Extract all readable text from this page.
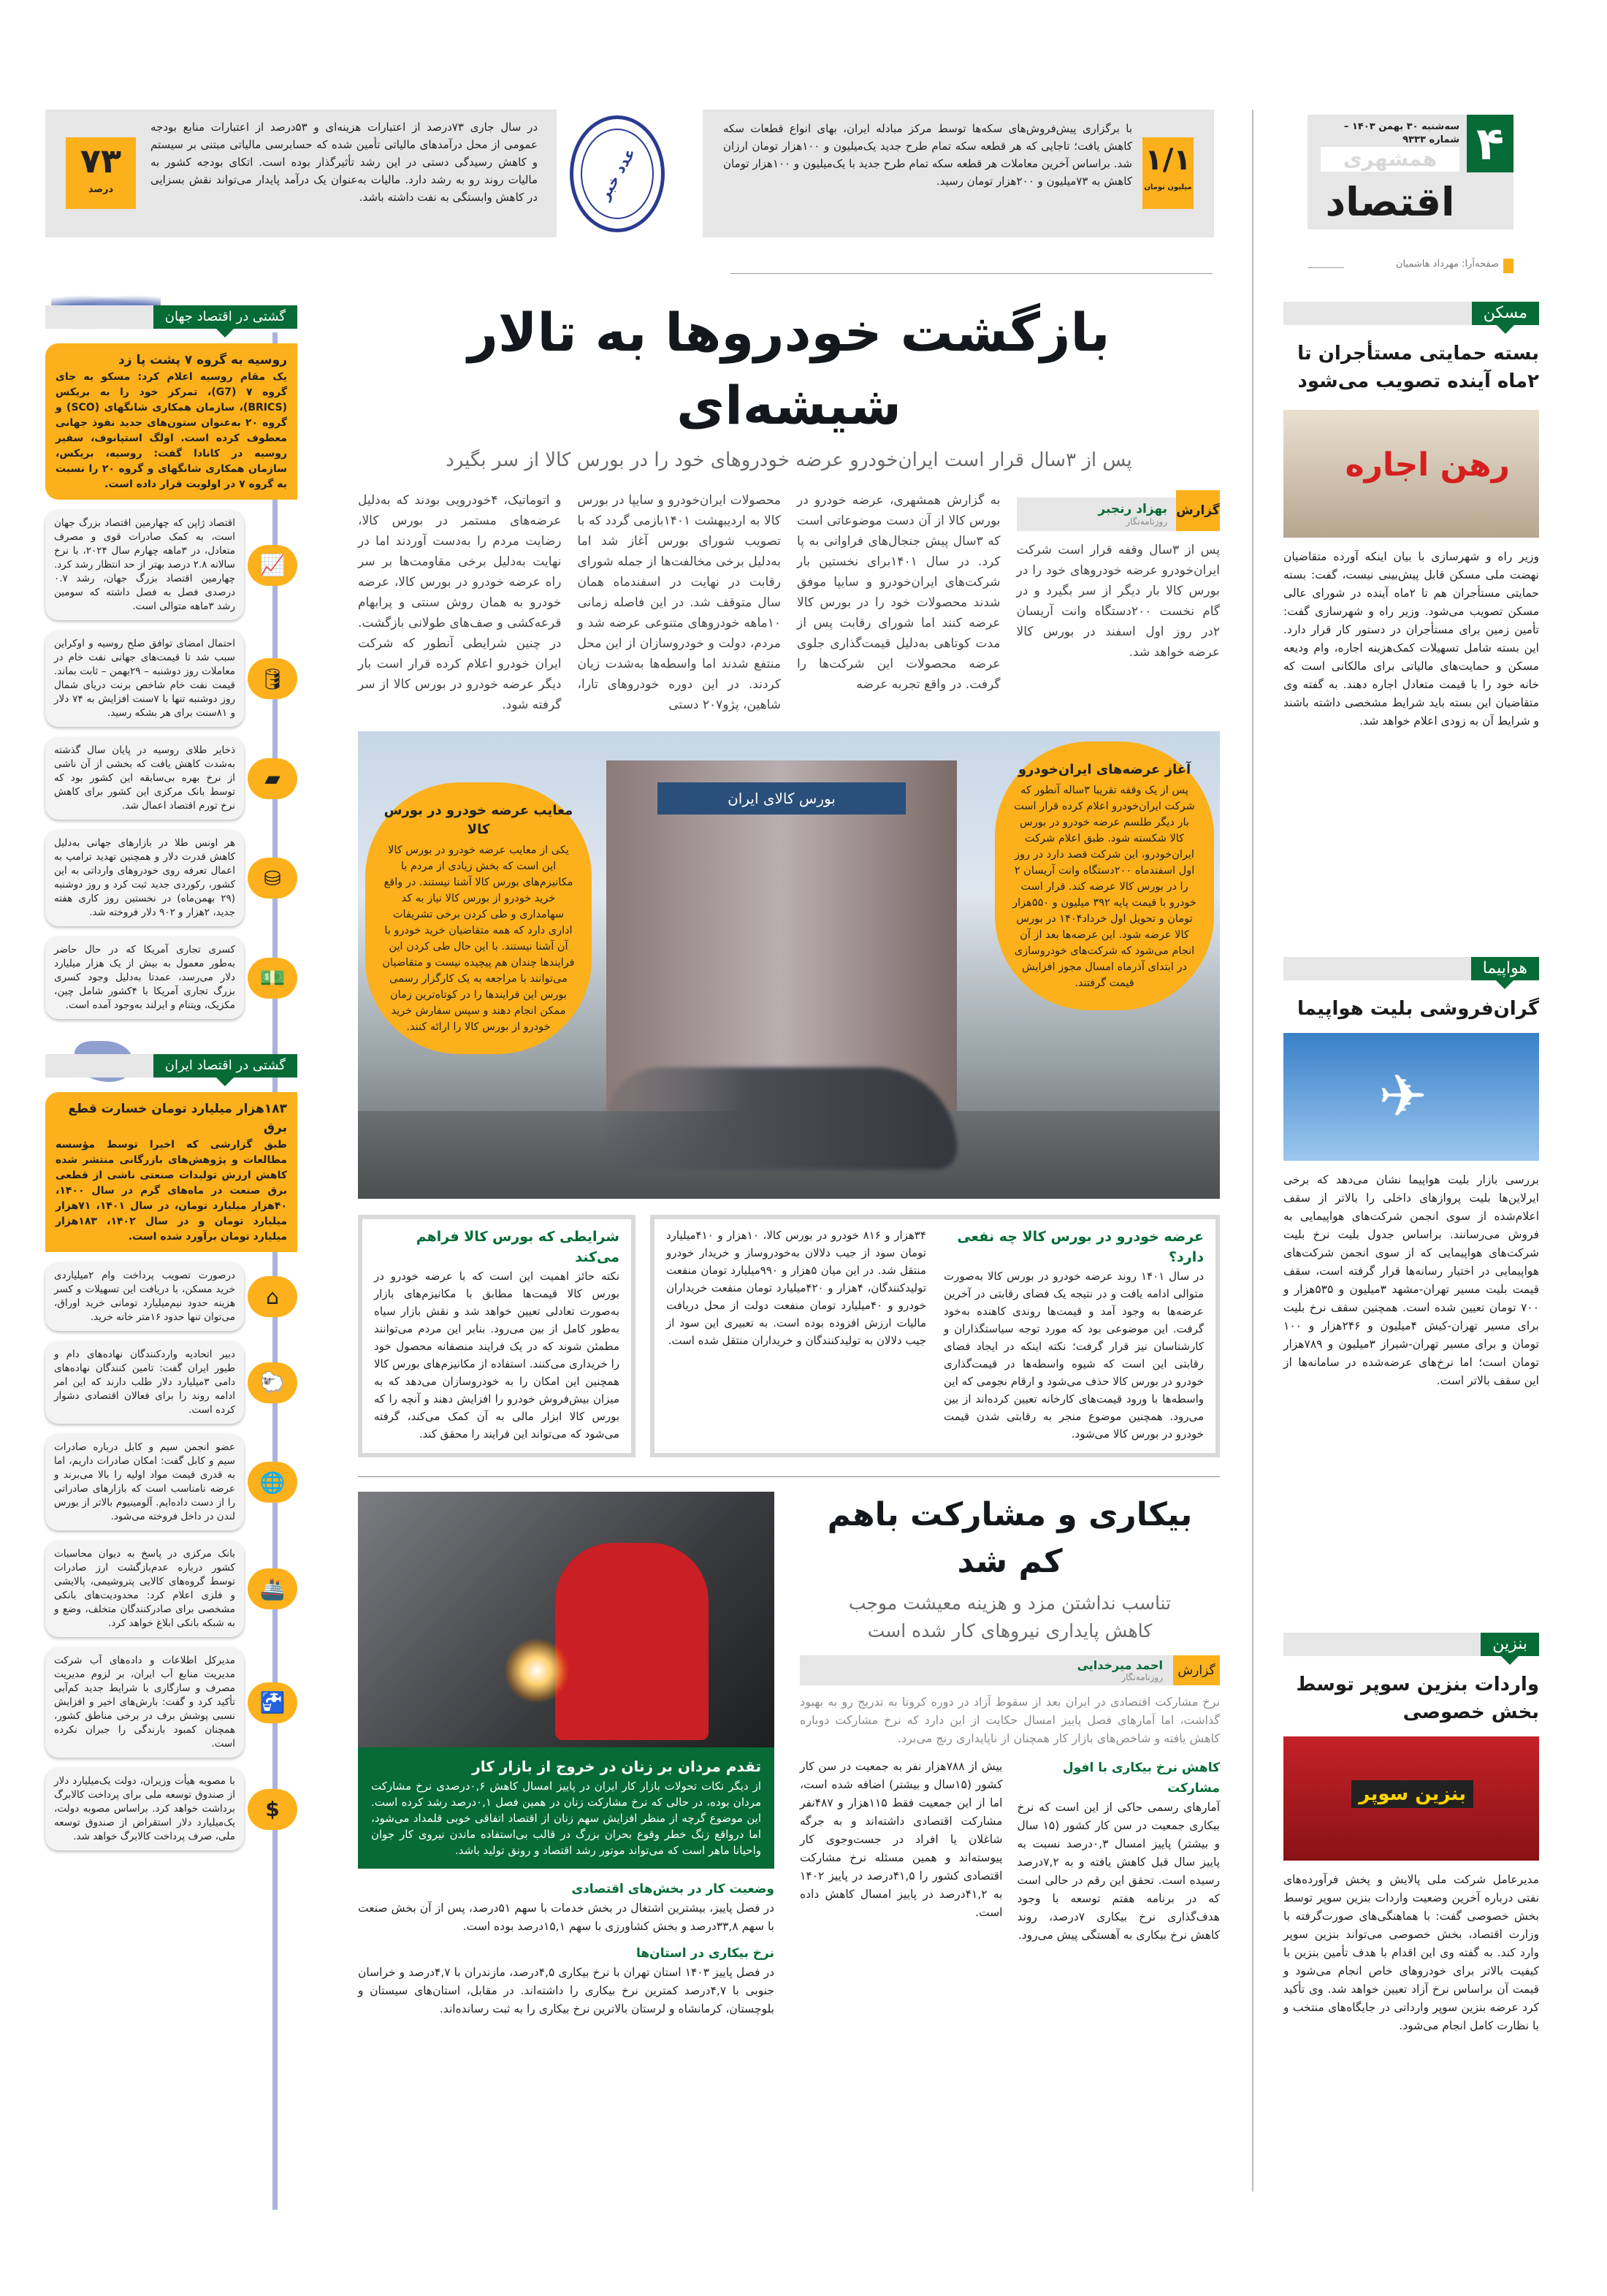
۴
سه‌شنبه ۳۰ بهمن ۱۴۰۳ – شماره ۹۳۳۳
همشهری
اقتصاد
صفحه‌آرا: مهرداد هاشمیان
۱/۱
میلیون تومان
با برگزاری پیش‌فروش‌های سکه‌ها توسط مرکز مبادله ایران، بهای انواع قطعات سکه کاهش یافت؛ تاجایی که هر قطعه سکه تمام طرح جدید یک‌میلیون و ۱۰۰هزار تومان ارزان شد. براساس آخرین معاملات هر قطعه سکه تمام طرح جدید با یک‌میلیون و ۱۰۰هزار تومان کاهش به ۷۳میلیون و ۲۰۰هزار تومان رسید.
عدد خبر
۷۳
درصد
در سال جاری ۷۳درصد از اعتبارات هزینه‌ای و ۵۳درصد از اعتبارات منابع بودجه عمومی از محل درآمدهای مالیاتی تأمین شده که حسابرسی مالیاتی مبتنی بر سیستم و کاهش رسیدگی دستی در این رشد تأثیرگذار بوده است. اتکای بودجه کشور به مالیات روند رو به رشد دارد. مالیات به‌عنوان یک درآمد پایدار می‌تواند نقش بسزایی در کاهش وابستگی به نفت داشته باشد.
بازگشت خودروها به تالار شیشه‌ای
پس از ۳سال قرار است ایران‌خودرو عرضه خودروهای خود را در بورس کالا از سر بگیرد
گزارش
بهزاد رنجبر
روزنامه‌نگار
پس از ۳سال وقفه قرار است شرکت ایران‌خودرو عرضه خودروهای خود را در بورس کالا بار دیگر از سر بگیرد و در گام نخست ۲۰۰دستگاه وانت آریسان ۲در روز اول اسفند در بورس کالا عرضه خواهد شد.
به گزارش همشهری، عرضه خودرو در بورس کالا از آن دست موضوعاتی است که ۳سال پیش جنجال‌های فراوانی به پا کرد. در سال ۱۴۰۱برای نخستین بار شرکت‌های ایران‌خودرو و سایپا موفق شدند محصولات خود را در بورس کالا عرضه کنند اما شورای رقابت پس از مدت کوتاهی به‌دلیل قیمت‌گذاری جلوی عرضه محصولات این شرکت‌ها را گرفت. در واقع تجربه عرضه
محصولات ایران‌خودرو و سایپا در بورس کالا به اردیبهشت ۱۴۰۱بازمی گردد که با تصویب شورای بورس آغاز شد اما به‌دلیل برخی مخالفت‌ها از جمله شورای رقابت در نهایت در اسفندماه همان سال متوقف شد. در این فاصله زمانی ۱۰ماهه خودروهای متنوعی عرضه شد و مردم، دولت و خودروسازان از این محل منتفع شدند اما واسطه‌ها به‌شدت زیان کردند. در این دوره خودروهای تارا، شاهین، پژو۲۰۷ دستی
و اتوماتیک، ۴خودرویی بودند که به‌دلیل عرضه‌های مستمر در بورس کالا، رضایت مردم را به‌دست آوردند اما در نهایت به‌دلیل برخی مقاومت‌ها بر سر راه عرضه خودرو در بورس کالا، عرضه خودرو به همان روش سنتی و پرابهام قرعه‌کشی و صف‌های طولانی بازگشت. در چنین شرایطی آنطور که شرکت ایران خودرو اعلام کرده قرار است بار دیگر عرضه خودرو در بورس کالا از سر گرفته شود.
بورس کالای ایران
آغاز عرضه‌های ایران‌خودرو
پس از یک وقفه تقریبا ۳ساله آنطور که شرکت ایران‌خودرو اعلام کرده قرار است بار دیگر طلسم عرضه خودرو در بورس کالا شکسته شود. طبق اعلام شرکت ایران‌خودرو، این شرکت قصد دارد در روز اول اسفندماه ۲۰۰دستگاه وانت آریسان ۲ را در بورس کالا عرضه کند. قرار است خودرو با قیمت پایه ۳۹۲ میلیون و ۵۵۰هزار تومان و تحویل اول خرداد۱۴۰۴ در بورس کالا عرضه شود. این عرضه‌ها بعد از آن انجام می‌شود که شرکت‌های خودروسازی در ابتدای آذرماه امسال مجوز افزایش قیمت گرفتند.
معایب عرضه خودرو در بورس کالا
یکی از معایب عرضه خودرو در بورس کالا این است که بخش زیادی از مردم با مکانیزم‌های بورس کالا آشنا نیستند. در واقع خرید خودرو از بورس کالا نیاز به کد سهامداری و طی کردن برخی تشریفات اداری دارد که همه متقاضیان خرید خودرو با آن آشنا نیستند. با این حال طی کردن این فرایندها چندان هم پیچیده نیست و متقاضیان می‌توانند با مراجعه به یک کارگزار رسمی بورس این فرایندها را در کوتاه‌ترین زمان ممکن انجام دهند و سپس سفارش خرید خودرو از بورس کالا را ارائه کنند.
عرضه خودرو در بورس کالا چه نفعی دارد؟
در سال ۱۴۰۱ روند عرضه خودرو در بورس کالا به‌صورت متوالی ادامه یافت و در نتیجه یک فضای رقابتی در آخرین عرضه‌ها به وجود آمد و قیمت‌ها روندی کاهنده به‌خود گرفت. این موضوعی بود که مورد توجه سیاستگذاران و کارشناسان نیز قرار گرفت؛ نکته اینکه در ایجاد فضای رقابتی این است که شیوه واسطه‌ها در قیمت‌گذاری خودرو در بورس کالا حذف می‌شود و ارقام نجومی که این واسطه‌ها با ورود قیمت‌های کارخانه تعیین کرده‌اند از بین می‌رود. همچنین موضوع منجر به رقابتی شدن قیمت خودرو در بورس کالا می‌شود.
۳۴هزار و ۸۱۶ خودرو در بورس کالا، ۱۰هزار و ۴۱۰میلیارد تومان سود از جیب دلالان به‌خودروساز و خریدار خودرو منتقل شد. در این میان ۵هزار و ۹۹۰میلیارد تومان منفعت تولیدکنندگان، ۴هزار و ۴۲۰میلیارد تومان منفعت خریداران خودرو و ۴۰میلیارد تومان منفعت دولت از محل دریافت مالیات ارزش افزوده بوده است. به تعبیری این سود از جیب دلالان به تولیدکنندگان و خریداران منتقل شده است.
شرایطی که بورس کالا فراهم می‌کند
نکته حائز اهمیت این است که با عرضه خودرو در بورس کالا قیمت‌ها مطابق با مکانیزم‌های بازار به‌صورت تعادلی تعیین خواهد شد و نقش بازار سیاه به‌طور کامل از بین می‌رود. بنابر این مردم می‌توانند مطمئن شوند که در یک فرایند منصفانه محصول خود را خریداری می‌کنند. استفاده از مکانیزم‌های بورس کالا همچنین این امکان را به خودروسازان می‌دهد که به میزان بیش‌فروش خودرو را افزایش دهند و آنچه را که بورس کالا ابزار مالی به آن کمک می‌کند، گرفته می‌شود که می‌تواند این فرایند را محقق کند.
بیکاری و مشارکت باهم کم شد
تناسب نداشتن مزد و هزینه معیشت موجب کاهش پایداری نیروهای کار شده است
گزارش
احمد میرخدایی
روزنامه‌نگار
نرخ مشارکت اقتصادی در ایران بعد از سقوط آزاد در دوره کرونا به تدریج رو به بهبود گذاشت، اما آمارهای فصل پاییز امسال حکایت از این دارد که نرخ مشارکت دوباره کاهش یافته و شاخص‌های بازار کار همچنان از ناپایداری رنج می‌برد.
کاهش نرخ بیکاری با افول مشارکت
آمارهای رسمی حاکی از این است که نرخ بیکاری جمعیت در سن کار کشور (۱۵ سال و بیشتر) پاییز امسال ۰,۳درصد نسبت به پاییز سال قبل کاهش یافته و به ۷,۲درصد رسیده است. تحقق این رقم در حالی است که در برنامه هفتم توسعه با وجود هدف‌گذاری نرخ بیکاری ۷درصد، روند کاهش نرخ بیکاری به آهستگی پیش می‌رود.
بیش از ۷۸۸هزار نفر به جمعیت در سن کار کشور (۱۵سال و بیشتر) اضافه شده است، اما از این جمعیت فقط ۱۱۵هزار و ۴۸۷نفر مشارکت اقتصادی داشته‌اند و به جرگه شاغلان یا افراد در جست‌وجوی کار پیوسته‌اند و همین مسئله نرخ مشارکت اقتصادی کشور را ۴۱,۵درصد در پاییز ۱۴۰۲ به ۴۱,۲درصد در پاییز امسال کاهش داده است.
تقدم مردان بر زنان در خروج از بازار کار
از دیگر نکات تحولات بازار کار ایران در پاییز امسال کاهش ۰,۶درصدی نرخ مشارکت مردان بوده، در حالی که نرخ مشارکت زنان در همین فصل ۰,۱درصد رشد کرده است. این موضوع گرچه از منظر افزایش سهم زنان از اقتصاد اتفاقی خوبی قلمداد می‌شود، اما درواقع زنگ خطر وقوع بحران بزرگ در قالب بی‌استفاده ماندن نیروی کار جوان واحیانا ماهر است که می‌تواند موتور رشد اقتصاد و رونق تولید باشد.
وضعیت کار در بخش‌های اقتصادی
در فصل پاییز، بیشترین اشتغال در بخش خدمات با سهم ۵۱درصد، پس از آن بخش صنعت با سهم ۳۳,۸درصد و بخش کشاورزی با سهم ۱۵,۱درصد بوده است.
نرخ بیکاری در استان‌ها
در فصل پاییز ۱۴۰۳ استان تهران با نرخ بیکاری ۴,۵درصد، مازندران با ۴,۷درصد و خراسان جنوبی با ۴,۷درصد کمترین نرخ بیکاری را داشته‌اند. در مقابل، استان‌های سیستان و بلوچستان، کرمانشاه و لرستان بالاترین نرخ بیکاری را به ثبت رسانده‌اند.
مسکن
بسته حمایتی مستأجران تا ۲ماه آینده تصویب می‌شود
رهن اجاره
وزیر راه و شهرسازی با بیان اینکه آورده متقاضیان نهضت ملی مسکن قابل پیش‌بینی نیست، گفت: بسته حمایتی مستأجران هم تا ۲ماه آینده در شورای عالی مسکن تصویب می‌شود. وزیر راه و شهرسازی گفت: تأمین زمین برای مستأجران در دستور کار قرار دارد. این بسته شامل تسهیلات کمک‌هزینه اجاره، وام ودیعه مسکن و حمایت‌های مالیاتی برای مالکانی است که خانه خود را با قیمت متعادل اجاره دهند. به گفته وی متقاضیان این بسته باید شرایط مشخصی داشته باشند و شرایط آن به زودی اعلام خواهد شد.
هواپیما
گران‌فروشی بلیت هواپیما
✈
بررسی بازار بلیت هواپیما نشان می‌دهد که برخی ایرلاین‌ها بلیت پروازهای داخلی را بالاتر از سقف اعلام‌شده از سوی انجمن شرکت‌های هواپیمایی به فروش می‌رسانند. براساس جدول بلیت نرخ بلیت شرکت‌های هواپیمایی که از سوی انجمن شرکت‌های هواپیمایی در اختیار رسانه‌ها قرار گرفته است، سقف قیمت بلیت مسیر تهران-مشهد ۳میلیون و ۵۳۵هزار و ۷۰۰ تومان تعیین شده است. همچنین سقف نرخ بلیت برای مسیر تهران-کیش ۴میلیون و ۲۴۶هزار و ۱۰۰ تومان و برای مسیر تهران-شیراز ۳میلیون و ۷۸۹هزار تومان است؛ اما نرخ‌های عرضه‌شده در سامانه‌ها از این سقف بالاتر است.
بنزین
واردات بنزین سوپر توسط بخش خصوصی
بنزین سوپر
مدیرعامل شرکت ملی پالایش و پخش فرآورده‌های نفتی درباره آخرین وضعیت واردات بنزین سوپر توسط بخش خصوصی گفت: با هماهنگی‌های صورت‌گرفته با وزارت اقتصاد، بخش خصوصی می‌تواند بنزین سوپر وارد کند. به گفته وی این اقدام با هدف تأمین بنزین با کیفیت بالاتر برای خودروهای خاص انجام می‌شود و قیمت آن براساس نرخ آزاد تعیین خواهد شد. وی تأکید کرد عرضه بنزین سوپر وارداتی در جایگاه‌های منتخب و با نظارت کامل انجام می‌شود.
گشتی در اقتصاد جهان
روسیه به گروه ۷ پشت پا زد
یک مقام روسیه اعلام کرد: مسکو به جای گروه ۷ (G7)، تمرکز خود را به بریکس (BRICS)، سازمان همکاری شانگهای (SCO) و گروه ۲۰ به‌عنوان ستون‌های جدید نفوذ جهانی معطوف کرده است. اولگ استپانوف، سفیر روسیه در کانادا گفت: روسیه، بریکس، سازمان همکاری شانگهای و گروه ۲۰ را نسبت به گروه ۷ در اولویت قرار داده است.
اقتصاد ژاپن که چهارمین اقتصاد بزرگ جهان است، به کمک صادرات قوی و مصرف متعادل، در ۳ماهه چهارم سال ۲۰۲۴، با نرخ سالانه ۲.۸ درصد بهتر از حد انتظار رشد کرد. چهارمین اقتصاد بزرگ جهان، رشد ۰.۷ درصدی فصل به فصل داشته که سومین رشد ۳ماهه متوالی است.
📈
احتمال امضای توافق صلح روسیه و اوکراین سبب شد تا قیمت‌های جهانی نفت خام در معاملات روز دوشنبه – ۲۹بهمن – ثابت بماند. قیمت نفت خام شاخص برنت دریای شمال روز دوشنبه تنها با ۷سنت افزایش به ۷۴ دلار و ۸۱سنت برای هر بشکه رسید.
🛢
ذخایر طلای روسیه در پایان سال گذشته به‌شدت کاهش یافت که بخشی از آن ناشی از نرخ بهره بی‌سابقه این کشور بود که توسط بانک مرکزی این کشور برای کاهش نرخ تورم اقتصاد اعمال شد.
▰
هر اونس طلا در بازارهای جهانی به‌دلیل کاهش قدرت دلار و همچنین تهدید ترامپ به اعمال تعرفه روی خودروهای وارداتی به این کشور، رکوردی جدید ثبت کرد و روز دوشنبه (۲۹ بهمن‌ماه) در نخستین روز کاری هفته جدید، ۲هزار و ۹۰۲ دلار فروخته شد.
⛁
کسری تجاری آمریکا که در حال حاضر به‌طور معمول به بیش از یک هزار میلیارد دلار می‌رسد، عمدتا به‌دلیل وجود کسری بزرگ تجاری آمریکا با ۴کشور شامل چین، مکزیک، ویتنام و ایرلند به‌وجود آمده است.
💵
گشتی در اقتصاد ایران
۱۸۳هزار میلیارد تومان خسارت قطع برق
طبق گزارشی که اخیرا توسط مؤسسه مطالعات و پژوهش‌های بازرگانی منتشر شده کاهش ارزش تولیدات صنعتی ناشی از قطعی برق صنعت در ماه‌های گرم در سال ۱۴۰۰، ۴۰هزار میلیارد تومان، در سال ۱۴۰۱، ۷۱هزار میلیارد تومان و در سال ۱۴۰۲، ۱۸۳هزار میلیارد تومان برآورد شده است.
درصورت تصویب پرداخت وام ۲میلیاردی خرید مسکن، با دریافت این تسهیلات و کسر هزینه حدود نیم‌میلیارد تومانی خرید اوراق، می‌توان تنها حدود ۱۶متر خانه خرید.
⌂
دبیر اتحادیه واردکنندگان نهاده‌های دام و طیور ایران گفت: تامین کنندگان نهاده‌های دامی ۳میلیارد دلار طلب دارند که این امر ادامه روند را برای فعالان اقتصادی دشوار کرده است.
🐑
عضو انجمن سیم و کابل درباره صادرات سیم و کابل گفت: امکان صادرات داریم، اما به قدری قیمت مواد اولیه را بالا می‌برند و عرضه نامناسب است که بازارهای صادراتی را از دست داده‌ایم. آلومینیوم بالاتر از بورس لندن در داخل فروخته می‌شود.
🌐
بانک مرکزی در پاسخ به دیوان محاسبات کشور درباره عدم‌بازگشت ارز صادرات توسط گروه‌های کالایی پتروشیمی، پالایشی و فلزی اعلام کرد: محدودیت‌های بانکی مشخصی برای صادرکنندگان متخلف، وضع و به شبکه بانکی ابلاغ خواهد کرد.
🚢
مدیرکل اطلاعات و داده‌های آب شرکت مدیریت منابع آب ایران، بر لزوم مدیریت مصرف و سازگاری با شرایط جدید کم‌آبی تأکید کرد و گفت: بارش‌های اخیر و افزایش نسبی پوشش برف در برخی مناطق کشور، همچنان کمبود بارندگی را جبران نکرده است.
🚰
با مصوبه هیأت وزیران، دولت یک‌میلیارد دلار از صندوق توسعه ملی برای پرداخت کالابرگ برداشت خواهد کرد. براساس مصوبه دولت، یک‌میلیارد دلار استقراض از صندوق توسعه ملی، صرف پرداخت کالابرگ خواهد شد.
$
